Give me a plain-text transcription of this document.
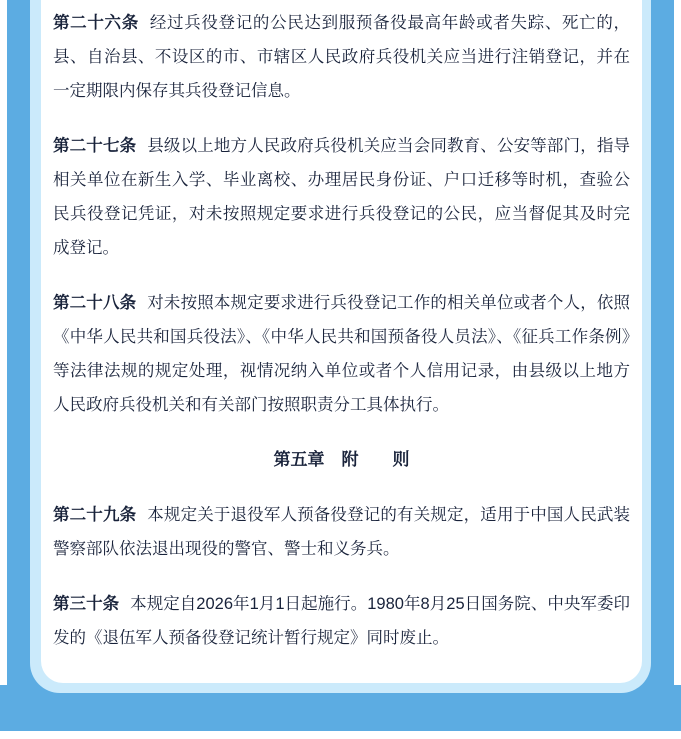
第二十六条 经过兵役登记的公民达到服预备役最高年龄或者失踪、死亡的，县、自治县、不设区的市、市辖区人民政府兵役机关应当进行注销登记，并在一定期限内保存其兵役登记信息。

第二十七条 县级以上地方人民政府兵役机关应当会同教育、公安等部门，指导相关单位在新生入学、毕业离校、办理居民身份证、户口迁移等时机，查验公民兵役登记凭证，对未按照规定要求进行兵役登记的公民，应当督促其及时完成登记。

第二十八条 对未按照本规定要求进行兵役登记工作的相关单位或者个人，依照《中华人民共和国兵役法》、《中华人民共和国预备役人员法》、《征兵工作条例》等法律法规的规定处理，视情况纳入单位或者个人信用记录，由县级以上地方人民政府兵役机关和有关部门按照职责分工具体执行。

第五章　附　　则

第二十九条 本规定关于退役军人预备役登记的有关规定，适用于中国人民武装警察部队依法退出现役的警官、警士和义务兵。

第三十条 本规定自2026年1月1日起施行。1980年8月25日国务院、中央军委印发的《退伍军人预备役登记统计暂行规定》同时废止。
